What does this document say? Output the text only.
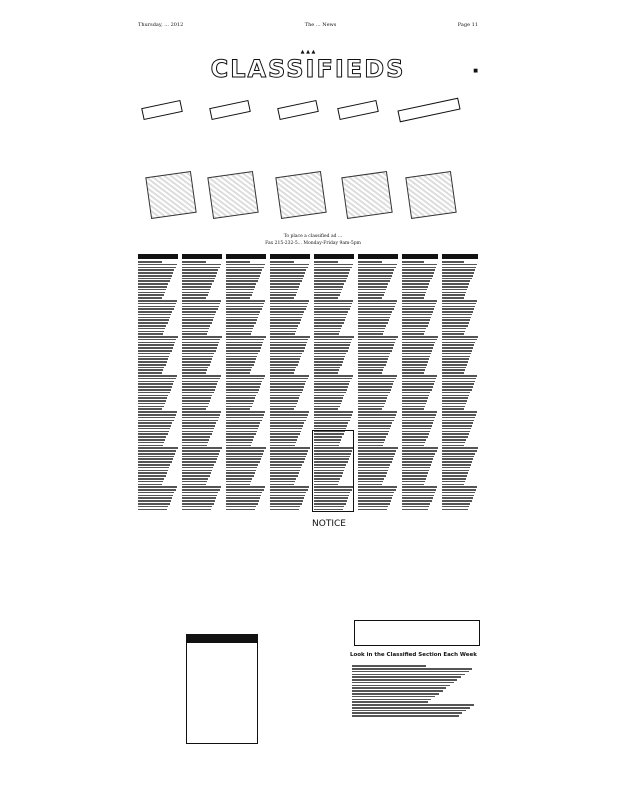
Thursday, ... 2012	The ... News	Page 11
▲ ▲ ▲
CLASSIFIEDS	■
To place a classified ad ...
Fax 215-232-5... Monday-Friday 9am-5pm
NOTICE
Look in the Classified Section Each Week
